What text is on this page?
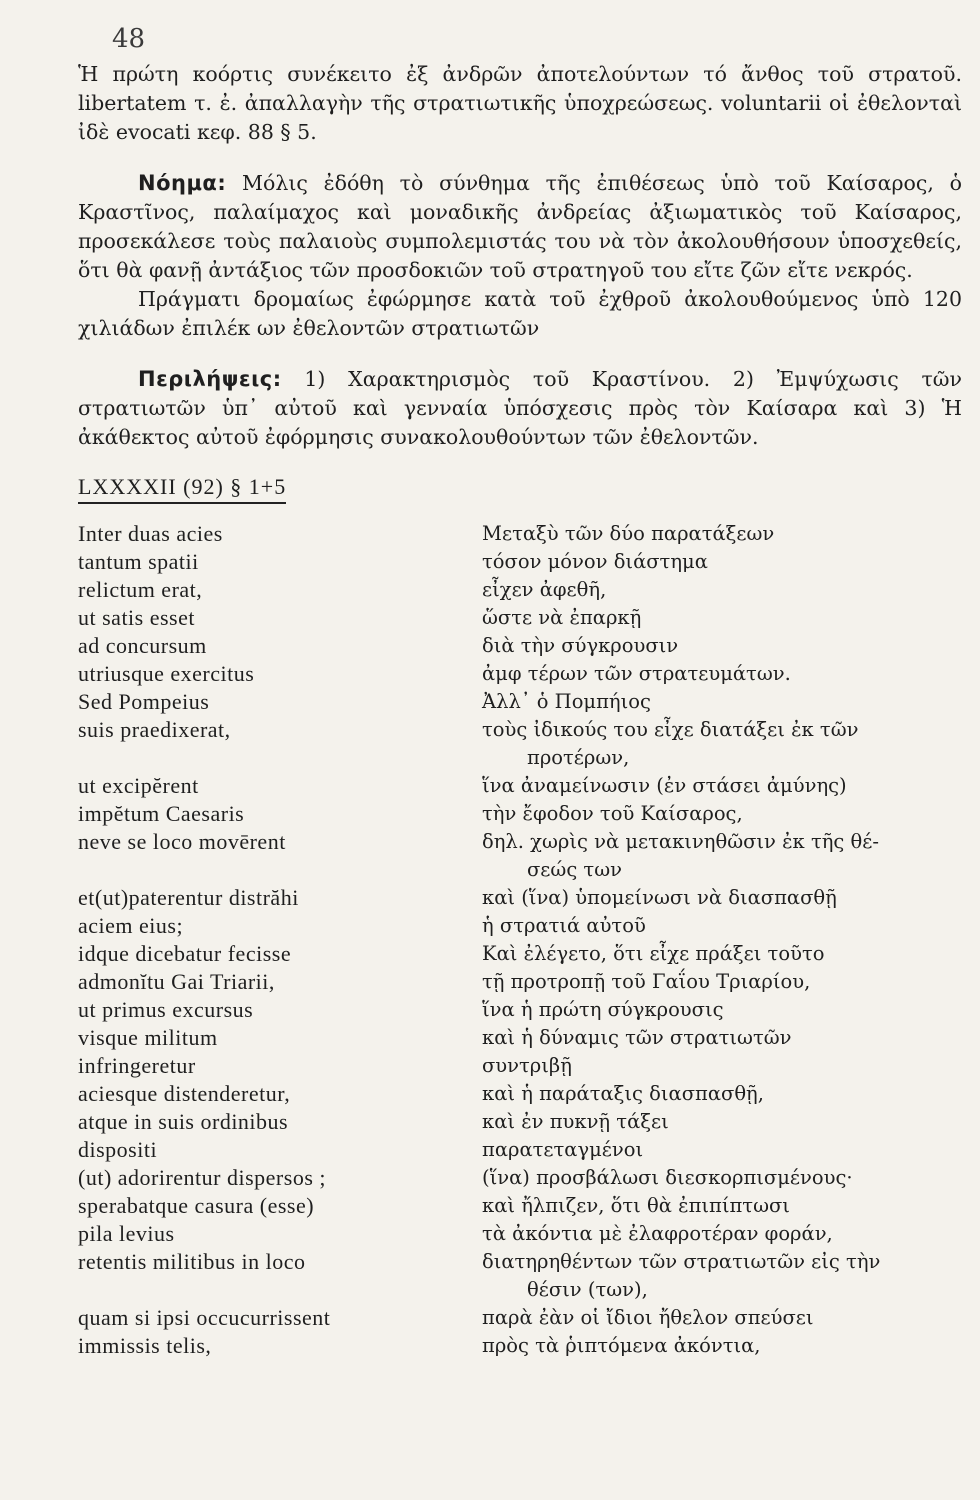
48

Ἡ πρώτη κοόρτις συνέκειτο ἐξ ἀνδρῶν ἀποτελούντων τό ἄνθος τοῦ στρατοῦ. libertatem τ. ἐ. ἀπαλλαγὴν τῆς στρατιωτικῆς ὑποχρεώσεως. voluntarii οἱ ἐθελονταὶ ἰδὲ evocati κεφ. 88 § 5.

Νόημα: Μόλις ἐδόθη τὸ σύνθημα τῆς ἐπιθέσεως ὑπὸ τοῦ Καίσαρος, ὁ Κραστῖνος, παλαίμαχος καὶ μοναδικῆς ἀνδρείας ἀξιωματικὸς τοῦ Καίσαρος, προσεκάλεσε τοὺς παλαιοὺς συμπολεμιστάς του νὰ τὸν ἀκολουθήσουν ὑποσχεθείς, ὅτι θὰ φανῇ ἀντάξιος τῶν προσδοκιῶν τοῦ στρατηγοῦ του εἴτε ζῶν εἴτε νεκρός.

Πράγματι δρομαίως ἐφώρμησε κατὰ τοῦ ἐχθροῦ ἀκολουθούμενος ὑπὸ 120 χιλιάδων ἐπιλέκ ων ἐθελοντῶν στρατιωτῶν

Περιλήψεις: 1) Χαρακτηρισμὸς τοῦ Κραστίνου. 2) Ἐμψύχωσις τῶν στρατιωτῶν ὑπ᾽ αὐτοῦ καὶ γενναία ὑπόσχεσις πρὸς τὸν Καίσαρα καὶ 3) Ἡ ἀκάθεκτος αὐτοῦ ἐφόρμησις συνακολουθούντων τῶν ἐθελοντῶν.

LXXXXII (92) § 1+5
Inter duas acies	Μεταξὺ τῶν δύο παρατάξεων
tantum spatii	τόσον μόνον διάστημα
relictum erat,	εἶχεν ἀφεθῆ,
ut satis esset	ὥστε νὰ ἐπαρκῇ
ad concursum	διὰ τὴν σύγκρουσιν
utriusque exercitus	ἀμφ τέρων τῶν στρατευμάτων.
Sed Pompeius	Ἀλλ᾽ ὁ Πομπήιος
suis praedixerat,	τοὺς ἰδικούς του εἶχε διατάξει ἐκ τῶν
προτέρων,
ut excipĕrent	ἵνα ἀναμείνωσιν (ἐν στάσει ἀμύνης)
impĕtum Caesaris	τὴν ἔφοδον τοῦ Καίσαρος,
neve se loco movērent	δηλ. χωρὶς νὰ μετακινηθῶσιν ἐκ τῆς θέ-
σεώς των
et(ut)paterentur distrăhi	καὶ (ἵνα) ὑπομείνωσι νὰ διασπασθῇ
aciem eius;	ἡ στρατιά αὐτοῦ
idque dicebatur fecisse	Καὶ ἐλέγετο, ὅτι εἶχε πράξει τοῦτο
admonĭtu Gai Triarii,	τῇ προτροπῇ τοῦ Γαΐου Τριαρίου,
ut primus excursus	ἵνα ἡ πρώτη σύγκρουσις
visque militum	καὶ ἡ δύναμις τῶν στρατιωτῶν
infringeretur	συντριβῇ
aciesque distenderetur,	καὶ ἡ παράταξις διασπασθῇ,
atque in suis ordinibus	καὶ ἐν πυκνῇ τάξει
dispositi	παρατεταγμένοι
(ut) adorirentur dispersos ;	(ἵνα) προσβάλωσι διεσκορπισμένους·
sperabatque casura (esse)	καὶ ἤλπιζεν, ὅτι θὰ ἐπιπίπτωσι
pila levius	τὰ ἀκόντια μὲ ἐλαφροτέραν φοράν,
retentis militibus in loco	διατηρηθέντων τῶν στρατιωτῶν εἰς τὴν
θέσιν (των),
quam si ipsi occucurrissent	παρὰ ἐὰν οἱ ἴδιοι ἤθελον σπεύσει
immissis telis,	πρὸς τὰ ῥιπτόμενα ἀκόντια,
